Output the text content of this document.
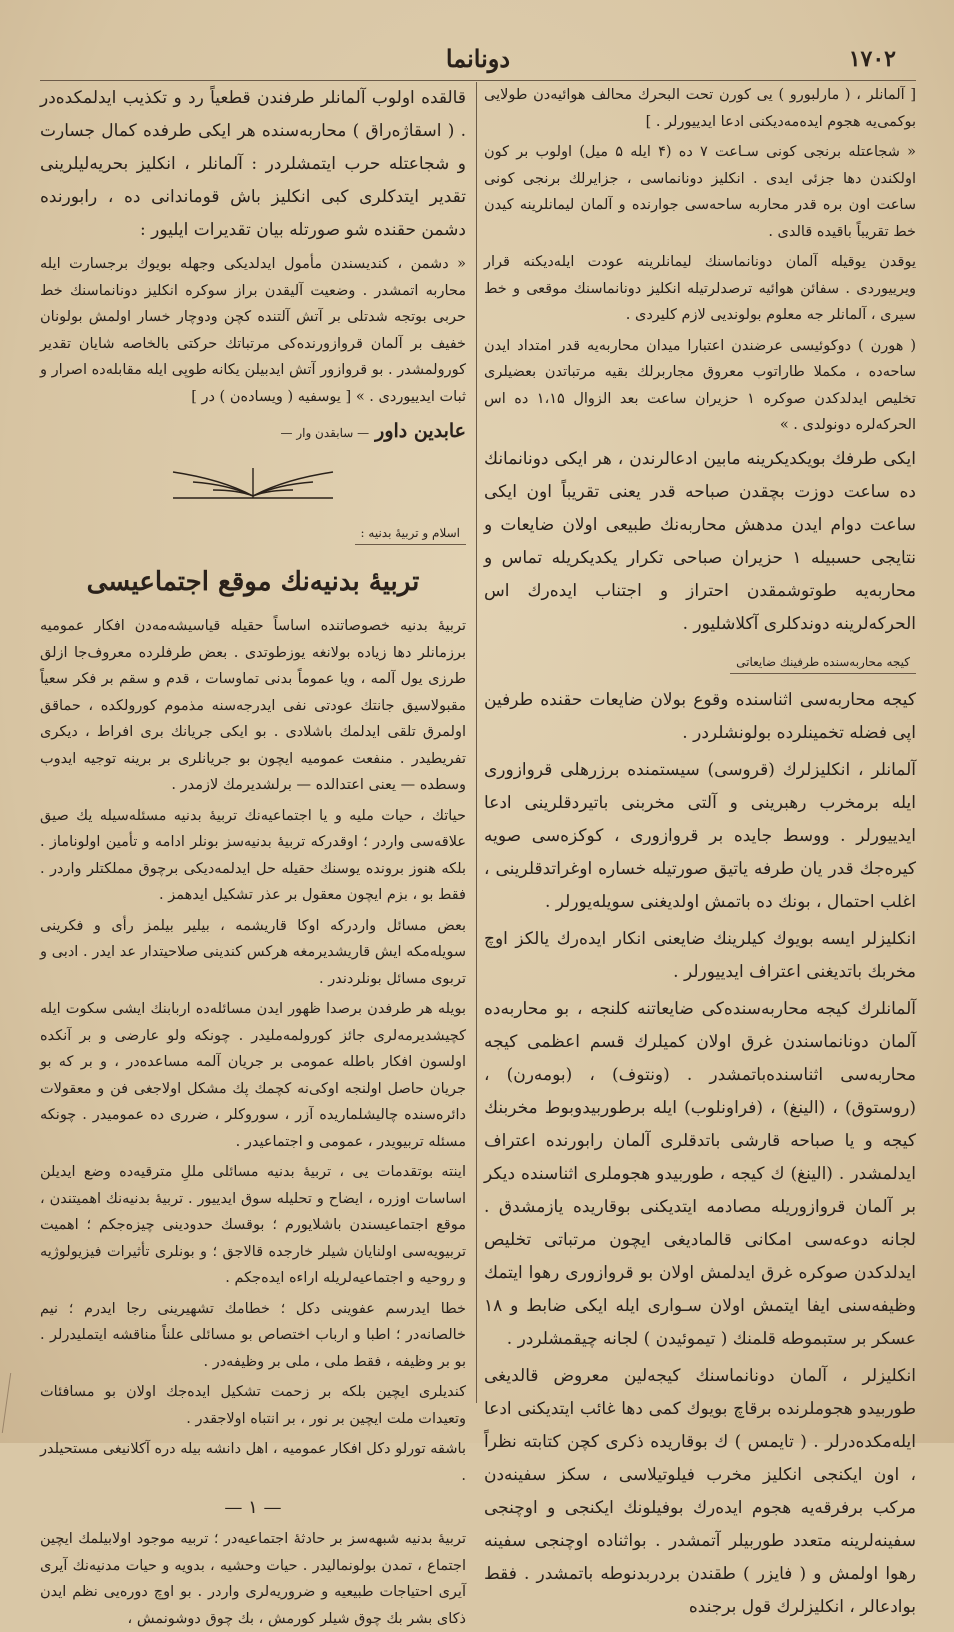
۱۷۰۲
دونانما

[ آلمانلر ، ( مارلبورو ) یی کورن تحت البحرك محالف هوائیه‌دن طولایی بوکمی‌یه هجوم ایده‌مه‌دیکنی ادعا ایدییورلر . ]

« شجاعتله برنجی کونی سـاعت ۷ ده (۴ ایله ۵ میل) اولوب بر کون اولکندن دها جزئی ایدی . انکلیز دونانماسی ، جزایرلك برنجی کونی ساعت اون بره قدر محاربه ساحه‌سی جوارنده و آلمان لیمانلرینه کیدن خط تقریباً باقیده قالدی .

یوقدن یوقیله آلمان دونانماسنك لیمانلرینه عودت ایله‌دیکنه قرار ویرییوردی . سفائن هوائیه ترصدلرتیله انکلیز دونانماسنك موقعی و خط سیری ، آلمانلر جه معلوم بولوندیی لازم کلیردی .

( هورن ) دوکوئیسی عرضندن اعتبارا میدان محاربه‌یه قدر امتداد ایدن ساحه‌ده ، مکملا طاراتوب معروق مجاربرلك بقیه مرتباتدن بعضیلری تخلیص ایدلدکدن صوکره ۱ حزیران ساعت بعد الزوال ۱،۱۵ ده اس الحرکه‌لره دونولدی . »

ایکی طرفك بویکدیکرینه مابین ادعالرندن ، هر ایکی دونانمانك ده ساعت دوزت بچقدن صباحه قدر یعنی تقریباً اون ایکی ساعت دوام ایدن مدهش محاربه‌نك طبیعی اولان ضایعات و نتایجی حسبیله ۱ حزیران صباحی تکرار یکدیکریله تماس و محاربه‌یه طوتوشمقدن احتراز و اجتناب ایده‌رك اس الحرکه‌لرینه دوندکلری آکلاشلیور .

کیجه محاربه‌سنده طرفینك ضایعاتی

کیجه محاربه‌سی اثناسنده وقوع بولان ضایعات حقنده طرفین اپی فضله تخمینلرده بولونشلردر .

آلمانلر ، انکلیزلرك (قروسی) سیستمنده برزرهلی قروازوری ایله برمخرب رهبرینی و آلتی مخربنی باتیردقلرینی ادعا ایدییورلر . ووسط جایده بر قروازوری ، کوکزه‌سی صویه کیره‌جك قدر یان طرفه یاتیق صورتیله خساره اوغراتدقلرینی ، اغلب احتمال ، بونك ده باتمش اولدیغنی سویله‌یورلر .

انکلیزلر ایسه بویوك کیلرینك ضایعنی انکار ایده‌رك یالکز اوچ مخربك باتدیغنی اعتراف ایدییورلر .

آلمانلرك کیجه محاربه‌سنده‌کی ضایعاتنه کلنجه ، بو محاربه‌ده آلمان دونانماسندن غرق اولان کمیلرك قسم اعظمی کیجه محاربه‌سی اثناسنده‌باتمشدر . (ونتوف) ، (بومه‌رن) ، (روستوق) ، (الینغ) ، (فراونلوب) ایله برطوربیدوبوط مخربنك کیجه و یا صباحه قارشی باتدقلری آلمان رابورنده اعتراف ایدلمشدر . (الینغ) ك کیجه ، طوربیدو هجوملری اثناسنده دیکر بر آلمان قروازوریله مصادمه ایتدیکنی بوقاریده یازمشدق . لجانه دوعه‌سی امکانی قالمادیغی ایچون مرتباتی تخلیص ایدلدکدن صوکره غرق ایدلمش اولان بو قروازوری رهوا ایتمك وظیفه‌سنی ایفا ایتمش اولان سـواری ایله ایکی ضابط و ۱۸ عسکر بر ستبموطه قلمنك ( تیموئیدن ) لجانه چیقمشلردر .

انکلیزلر ، آلمان دونانماسنك کیجه‌لین معروض قالدیغی طوربیدو هجوملرنده برقاچ بویوك کمی دها غائب ایتدیکنی ادعا ایله‌مکده‌درلر . ( تایمس ) ك بوقاریده ذکری کچن کتابته نظراً ، اون ایکنجی انکلیز مخرب فیلوتیلاسی ، سکز سفینه‌دن مرکب برفرقه‌یه هجوم ایده‌رك بوفیلونك ایکنجی و اوچنجی سفینه‌لرینه متعدد طوربیلر آتمشدر . بواثناده اوچنجی سفینه رهوا اولمش و ( فایزر ) طقندن بردربدنوطه باتمشدر . فقط بوادعالر ، انکلیزلرك قول برجنده

قالقده اولوب آلمانلر طرفندن قطعیاً رد و تکذیب ایدلمکده‌در . ( اسقاژه‌راق ) محاربه‌سنده هر ایکی طرفده کمال جسارت و شجاعتله حرب ایتمشلردر : آلمانلر ، انکلیز بحریه‌لیلرینی تقدیر ایتدکلری کبی انکلیز باش قوماندانی ده ، رابورنده دشمن حقنده شو صورتله بیان تقدیرات ایلیور :

« دشمن ، کندیسندن مأمول ایدلدیکی وجهله بویوك برجسارت ایله محاربه اتمشدر . وضعیت آلیقدن براز سوکره انکلیز دونانماسنك خط حربی بوتجه شدتلی بر آتش آلتنده کچن ودوچار خسار اولمش بولونان خفیف بر آلمان قروازورنده‌کی مرتباتك حرکتی بالخاصه شایان تقدیر کورولمشدر . بو قروازور آتش ایدبیلن یکانه طوپی ایله مقابله‌ده اصرار و ثبات ایدییوردی . » [ یوسفیه ( ویساده‌ن ) در ]

عابدین داور — سابقدن وار —
اسلام و تربیهٔ بدنیه :
تربیهٔ بدنیه‌نك موقع اجتماعیسی

تربیهٔ بدنیه خصوصاتنده اساساً حقیله قیاسیشه‌مه‌دن افکار عمومیه برزمانلر دها زیاده بولانغه یوزطوتدی . بعض طرفلرده معروف‌جا ازلق طرزی یول آلمه ، ویا عموماً بدنی تماوسات ، قدم و سقم بر فکر سعیاً مقبولاسیق جانتك عودتی نفی ایدرجه‌سنه مذموم کورولکده ، حماقق اولمرق تلقی ایدلمك باشلادی . بو ایکی جریانك بری افراط ، دیکری تفریطیدر . منفعت عمومیه ایچون بو جریانلری بر برینه توجیه ایدوب وسطده — یعنی اعتدالده — برلشدیرمك لازمدر .

حیاتك ، حیات ملیه و یا اجتماعیه‌نك تربیهٔ بدنیه مسئله‌سیله یك صیق علاقه‌سی واردر ؛ اوقدرکه تربیهٔ بدنیه‌سز بونلر ادامه و تأمین اولوناماز . بلکه هنوز برونده یوسنك حقیله حل ایدلمه‌دیکی برچوق مملکتلر واردر . فقط بو ، بزم ایچون معقول بر عذر تشکیل ایدهمز .

بعض مسائل واردرکه اوکا قاریشمه ، بیلیر بیلمز رأی و فکرینی سویله‌مکه ایش قاریشدیرمغه هرکس کندینی صلاحیتدار عد ایدر . ادبی و تربوی مسائل بونلردندر .

بویله هر طرفدن برصدا ظهور ایدن مسائله‌ده اربابنك ایشی سکوت ایله کچیشدیرمه‌لری جائز کورولمه‌ملیدر . چونکه ولو عارضی و بر آنکده اولسون افکار باطله عمومی بر جریان آلمه مساعده‌در ، و بر که بو جریان حاصل اولنجه اوکی‌نه کچمك پك مشکل اولاجغی فن و معقولات دائره‌سنده چالیشلماریده آزر ، سوروکلر ، ضرری ده عمومیدر . چونکه مسئله تربیویدر ، عمومی و اجتماعیدر .

اینته بوتقدمات یی ، تربیهٔ بدنیه مسائلی مللِ مترقیه‌ده وضع ایدیلن اساسات اوزره ، ایضاح و تحلیله سوق ایدییور . تربیهٔ بدنیه‌نك اهمیتندن ، موقع اجتماعیسندن باشلایورم ؛ بوقسك حدودینی چیزه‌جکم ؛ اهمیت تربیویه‌سی اولنایان شیلر خارجده قالاجق ؛ و بونلری تأثیرات فیزیولوژیه و روحیه و اجتماعیه‌لریله اراءه ایده‌جکم .

خطا ایدرسم عفوینی دکل ؛ خطامك تشهیرینی رجا ایدرم ؛ نیم خالصانه‌در ؛ اطبا و ارباب اختصاص بو مسائلی علناً مناقشه ایتملیدرلر . بو بر وظیفه ، فقط ملی ، ملی بر وظیفه‌در .

کندیلری ایچین بلکه بر زحمت تشکیل ایده‌جك اولان بو مسافئات وتعیدات ملت ایچین بر نور ، بر انتباه اولاجقدر .

باشقه تورلو دکل افکار عمومیه ، اهل دانشه بیله دره آکلانیغی مستحیلدر .

— ۱ —

تربیهٔ بدنیه شبهه‌سز بر حادثهٔ اجتماعیه‌در ؛ تربیه موجود اولابیلمك ایچین اجتماع ، تمدن بولونمالیدر . حیات وحشیه ، بدویه و حیات مدنیه‌نك آیری آیری احتیاجات طبیعیه و ضروریه‌لری واردر . بو اوچ دوره‌یی نظم ایدن ذکای بشر بك چوق شیلر کورمش ، بك چوق دوشونمش ،
